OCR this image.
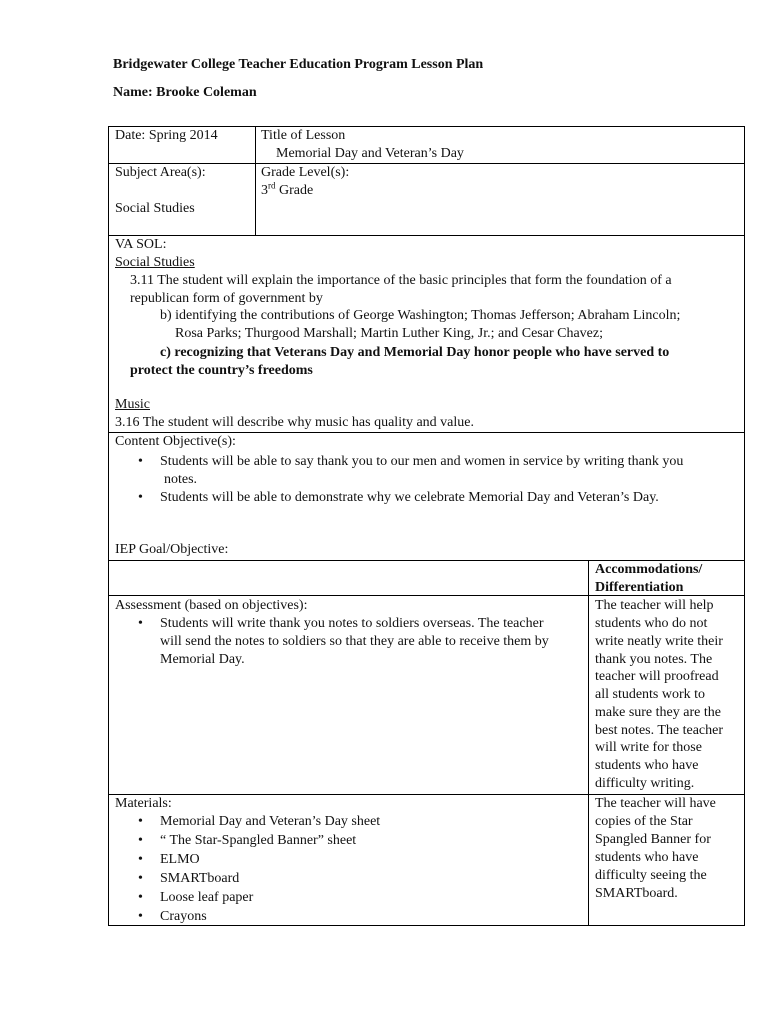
Bridgewater College Teacher Education Program Lesson Plan
Name: Brooke Coleman
Date: Spring 2014	Title of Lesson
Memorial Day and Veteran’s Day
Subject Area(s):
Social Studies
Grade Level(s):
3rd Grade
VA SOL:
Social Studies
3.11 The student will explain the importance of the basic principles that form the foundation of a
republican form of government by
b) identifying the contributions of George Washington; Thomas Jefferson; Abraham Lincoln;
Rosa Parks; Thurgood Marshall; Martin Luther King, Jr.; and Cesar Chavez;
c) recognizing that Veterans Day and Memorial Day honor people who have served to
protect the country’s freedoms
Music
3.16 The student will describe why music has quality and value.
Content Objective(s):
• Students will be able to say thank you to our men and women in service by writing thank you
notes.
• Students will be able to demonstrate why we celebrate Memorial Day and Veteran’s Day.
IEP Goal/Objective:
Accommodations/
Differentiation
Assessment (based on objectives):
• Students will write thank you notes to soldiers overseas. The teacher
will send the notes to soldiers so that they are able to receive them by
Memorial Day.
The teacher will help
students who do not
write neatly write their
thank you notes. The
teacher will proofread
all students work to
make sure they are the
best notes. The teacher
will write for those
students who have
difficulty writing.
Materials:
• Memorial Day and Veteran’s Day sheet
• “ The Star-Spangled Banner” sheet
• ELMO
• SMARTboard
• Loose leaf paper
• Crayons
The teacher will have
copies of the Star
Spangled Banner for
students who have
difficulty seeing the
SMARTboard.
